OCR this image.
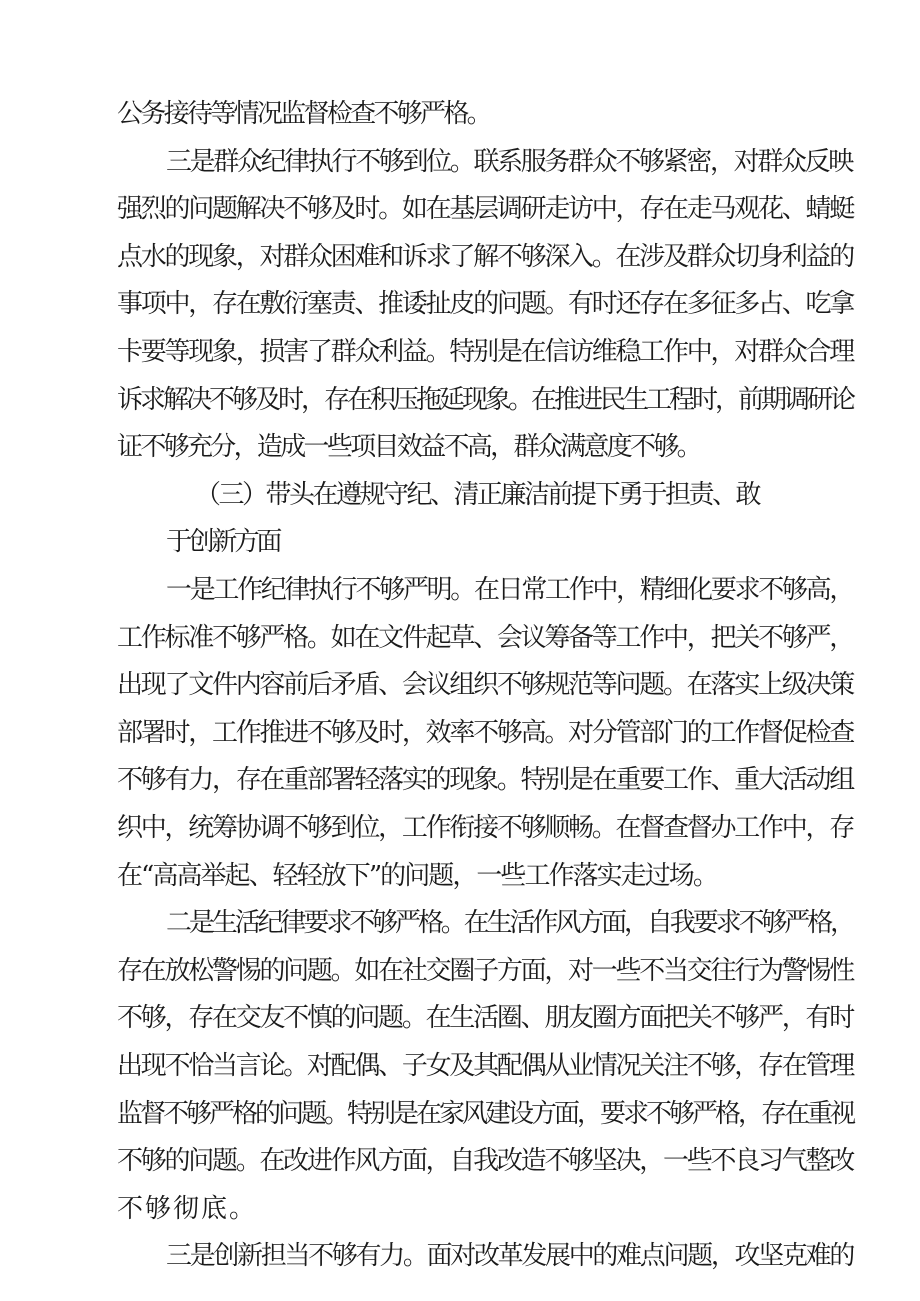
公务接待等情况监督检查不够严格。

三是群众纪律执行不够到位。联系服务群众不够紧密，对群众反映

强烈的问题解决不够及时。如在基层调研走访中，存在走马观花、蜻蜓

点水的现象，对群众困难和诉求了解不够深入。在涉及群众切身利益的

事项中，存在敷衍塞责、推诿扯皮的问题。有时还存在多征多占、吃拿

卡要等现象，损害了群众利益。特别是在信访维稳工作中，对群众合理

诉求解决不够及时，存在积压拖延现象。在推进民生工程时，前期调研论

证不够充分，造成一些项目效益不高，群众满意度不够。

（三）带头在遵规守纪、清正廉洁前提下勇于担责、敢

于创新方面

一是工作纪律执行不够严明。在日常工作中，精细化要求不够高，

工作标准不够严格。如在文件起草、会议筹备等工作中，把关不够严，

出现了文件内容前后矛盾、会议组织不够规范等问题。在落实上级决策

部署时，工作推进不够及时，效率不够高。对分管部门的工作督促检查

不够有力，存在重部署轻落实的现象。特别是在重要工作、重大活动组

织中，统筹协调不够到位，工作衔接不够顺畅。在督查督办工作中，存

在“高高举起、轻轻放下”的问题，一些工作落实走过场。

二是生活纪律要求不够严格。在生活作风方面，自我要求不够严格，

存在放松警惕的问题。如在社交圈子方面，对一些不当交往行为警惕性

不够，存在交友不慎的问题。在生活圈、朋友圈方面把关不够严，有时

出现不恰当言论。对配偶、子女及其配偶从业情况关注不够，存在管理

监督不够严格的问题。特别是在家风建设方面，要求不够严格，存在重视

不够的问题。在改进作风方面，自我改造不够坚决，一些不良习气整改

不够彻底。

三是创新担当不够有力。面对改革发展中的难点问题，攻坚克难的
